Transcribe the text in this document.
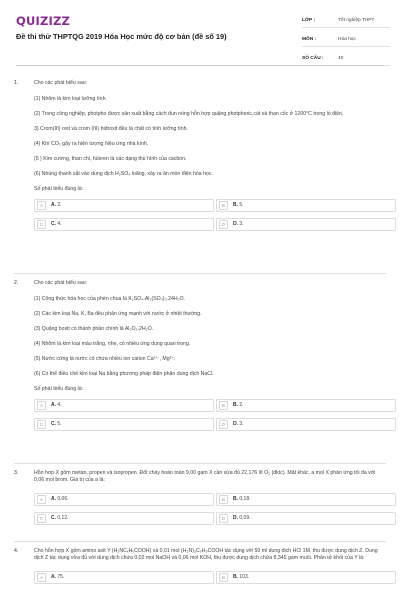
QUIZIZZ
Đề thi thử THPTQG 2019 Hóa Học mức độ cơ bản (đề số 19)
LỚP :	Tốt nghiệp THPT
MÔN :	Hóa học
SỐ CÂU :	40
1.	Cho các phát biểu sau:
(1) Nhôm là kim loại lưỡng tính.
(2) Trong công nghiệp, photpho được sản xuất bằng cách đun nóng hỗn hợp quặng photphoric,cát và than cốc ở 1200°C trong lò điện.
3) Crom(III) oxit và crom (III) hiđroxit đều là chất có tính lưỡng tính.
(4) Khí CO₂ gây ra hiện tượng hiệu ứng nhà kính.
(5 ) Kim cương, than chì, fuleren là các dạng thù hình của cacbon.
(6) Nhúng thanh sắt vào dung dịch H₂SO₄ loãng, xảy ra ăn mòn điện hóa học.
Số phát biểu đúng là:
A	A. 2.	B	B. 5.
C	C. 4.	D	D. 3.
2.	Cho các phát biểu sau:
(1) Công thức hóa học của phèn chua là K₂SO₄.Al₂(SO₄)₃.24H₂O.
(2) Các kim loại Na, K, Ba đều phản ứng mạnh với nước ở nhiệt thường.
(3) Quặng boxit có thành phần chính là Al₂O₃.2H₂O.
(4) Nhôm là kim loại màu trắng, nhẹ, có nhiều ứng dụng quan trọng.
(5) Nước cứng là nước có chứa nhiều ion cation Ca²⁺ , Mg²⁺.
(6) Có thể điều chế kim loại Na bằng phương pháp điện phân dung dịch NaCl.
Số phát biểu đúng là:
A	A. 4.	B	B. 2.
C	C. 5.	D	D. 3.
3.	Hỗn hợp X gồm metan, propen và isopropen. Đốt cháy hoàn toàn 9,00 gam X cần vừa đủ 22,176 lít O₂ (đktc). Mặt khác, a mol X phản ứng tối đa với 0,06 mol brom. Giá trị của a là:
A	A. 0,06.	B	B. 0,18.
C	C. 0,12.	D	D. 0,09.
4.	Cho hỗn hợp X gồm amino axit Y (H₂NCₓHᵧCOOH) và 0,01 mol (H₂N)₂C₅H₉COOH tác dụng với 50 ml dung dịch HCl 1M, thu được dung dịch Z. Dung dịch Z tác dụng vừa đủ với dung dịch chứa 0,02 mol NaOH và 0,06 mol KOH, thu được dung dịch chứa 8,345 gam muối. Phân tử khối của Y là:
A	A. 75.	B	B. 103.
